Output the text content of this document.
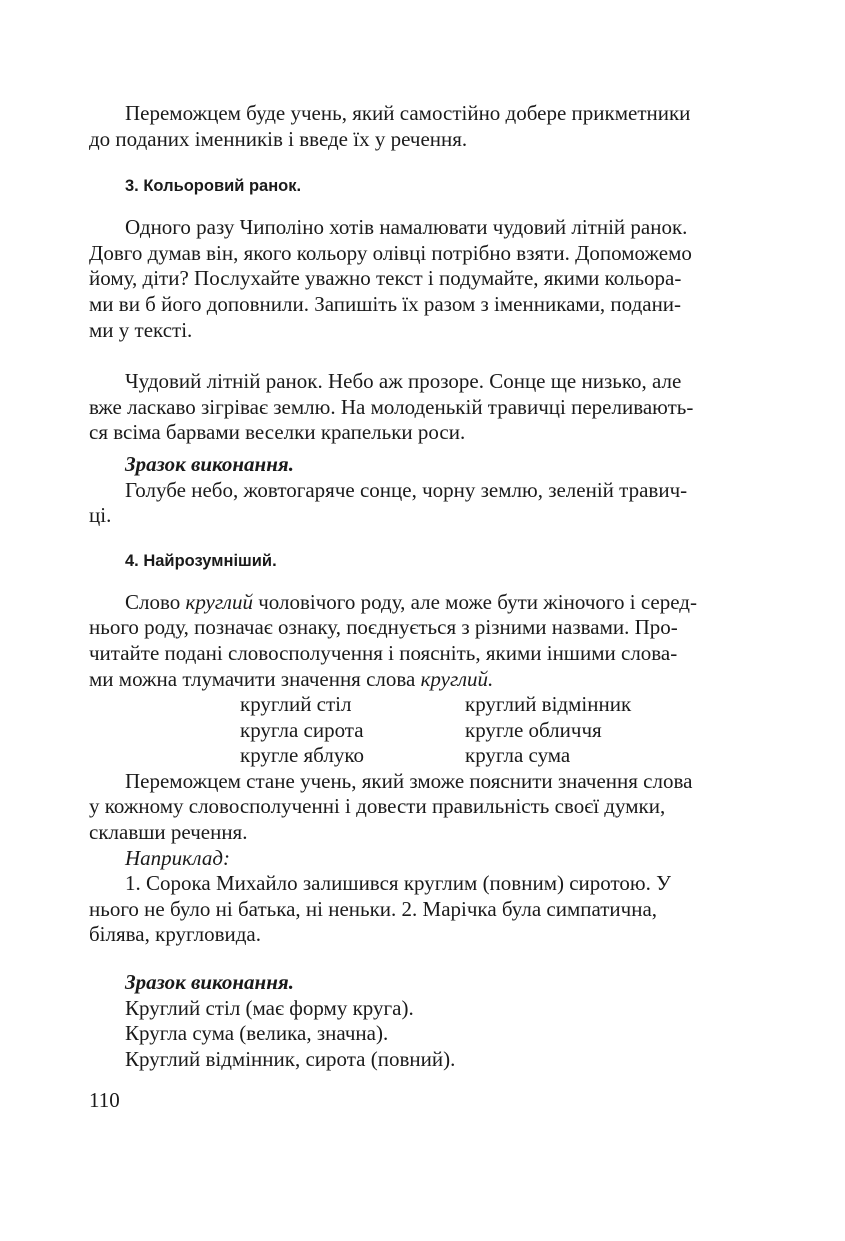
Переможцем буде учень, який самостійно добере прикметники
до поданих іменників і введе їх у речення.

3. Кольоровий ранок.

Одного разу Чиполіно хотів намалювати чудовий літній ранок.
Довго думав він, якого кольору олівці потрібно взяти. Допоможемо
йому, діти? Послухайте уважно текст і подумайте, якими кольора-
ми ви б його доповнили. Запишіть їх разом з іменниками, подани-
ми у тексті.

Чудовий літній ранок. Небо аж прозоре. Сонце ще низько, але
вже ласкаво зігріває землю. На молоденькій травичці переливають-
ся всіма барвами веселки крапельки роси.

Зразок виконання.

Голубе небо, жовтогаряче сонце, чорну землю, зеленій травич-
ці.

4. Найрозумніший.

Слово круглий чоловічого роду, але може бути жіночого і серед-
нього роду, позначає ознаку, поєднується з різними назвами. Про-
читайте подані словосполучення і поясніть, якими іншими слова-
ми можна тлумачити значення слова круглий.

круглий стіл	круглий відмінник
кругла сирота	кругле обличчя
кругле яблуко	кругла сума

Переможцем стане учень, який зможе пояснити значення слова
у кожному словосполученні і довести правильність своєї думки,
склавши речення.

Наприклад:

1. Сорока Михайло залишився круглим (повним) сиротою. У
нього не було ні батька, ні неньки. 2. Марічка була симпатична,
білява, кругловида.

Зразок виконання.

Круглий стіл (має форму круга).

Кругла сума (велика, значна).

Круглий відмінник, сирота (повний).

110
